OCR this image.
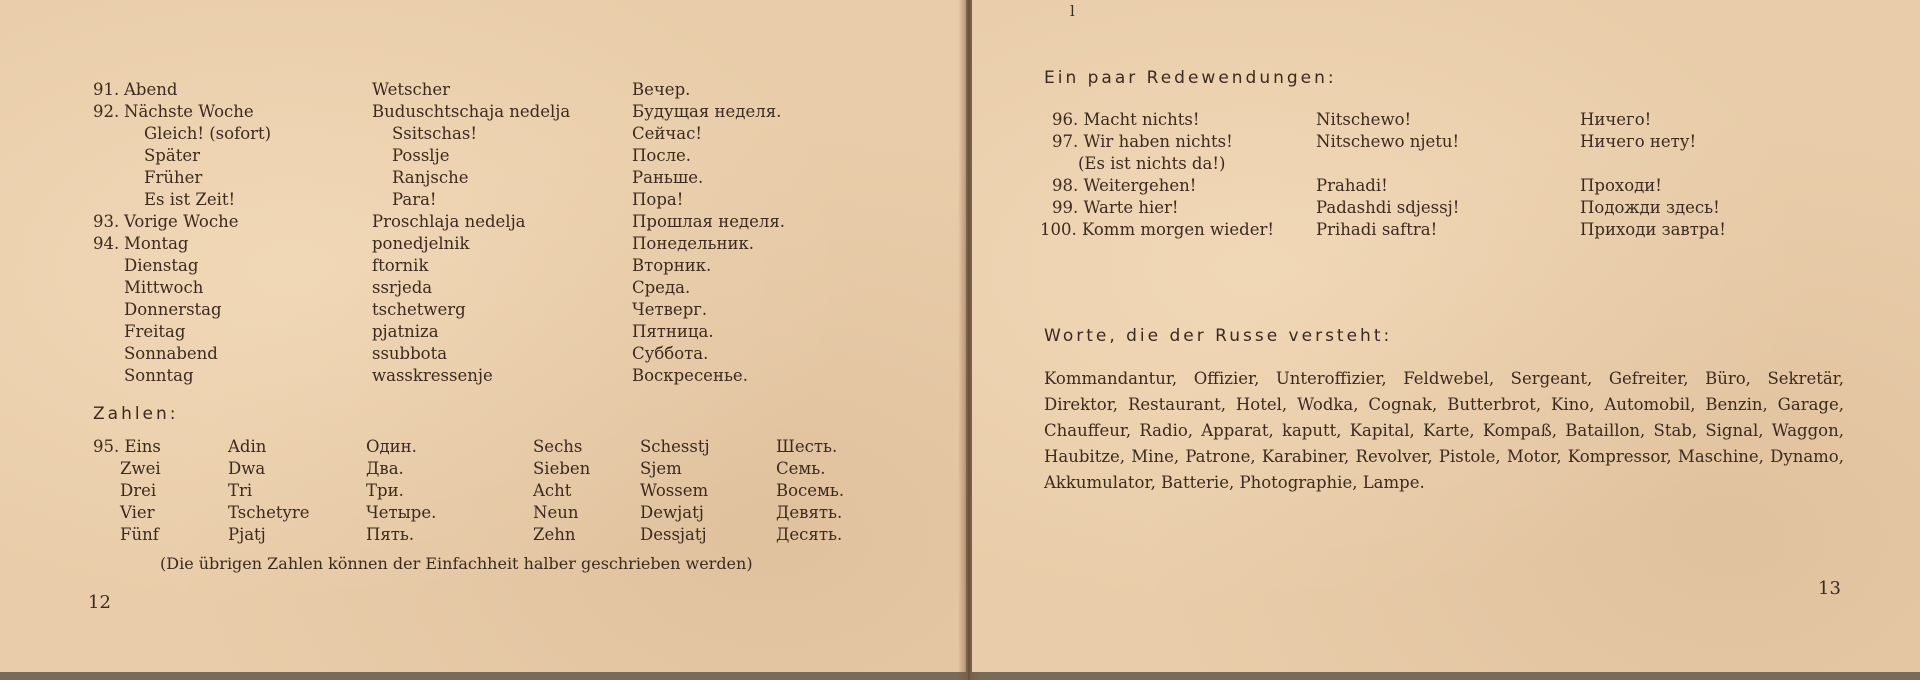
91. Abend	Wetscher	Вечер.
92. Nächste Woche	Buduschtschaja nedelja	Будущая неделя.
Gleich! (sofort)	Ssitschas!	Сейчас!
Später	Posslje	После.
Früher	Ranjsche	Раньше.
Es ist Zeit!	Para!	Пора!
93. Vorige Woche	Proschlaja nedelja	Прошлая неделя.
94. Montag	ponedjelnik	Понедельник.
Dienstag	ftornik	Вторник.
Mittwoch	ssrjeda	Среда.
Donnerstag	tschetwerg	Четверг.
Freitag	pjatniza	Пятница.
Sonnabend	ssubbota	Суббота.
Sonntag	wasskressenje	Воскресенье.
Zahlen:
95. Eins	Adin	Один.	Sechs	Schesstj	Шесть.
Zwei	Dwa	Два.	Sieben	Sjem	Семь.
Drei	Tri	Три.	Acht	Wossem	Восемь.
Vier	Tschetyre	Четыре.	Neun	Dewjatj	Девять.
Fünf	Pjatj	Пять.	Zehn	Dessjatj	Десять.
(Die übrigen Zahlen können der Einfachheit halber geschrieben werden)
12
l
Ein paar Redewendungen:
96. Macht nichts!	Nitschewo!	Ничего!
97. Wir haben nichts!	Nitschewo njetu!	Ничего нету!
(Es ist nichts da!)
98. Weitergehen!	Prahadi!	Проходи!
99. Warte hier!	Padashdi sdjessj!	Подожди здесь!
100. Komm morgen wieder!	Prihadi saftra!	Приходи завтра!
Worte, die der Russe versteht:
Kommandantur, Offizier, Unteroffizier, Feldwebel, Sergeant, Gefreiter, Büro, Sekretär, Direktor, Restaurant, Hotel, Wodka, Cognak, Butterbrot, Kino, Automobil, Benzin, Garage, Chauffeur, Radio, Apparat, kaputt, Kapital, Karte, Kompaß, Bataillon, Stab, Signal, Waggon, Haubitze, Mine, Patrone, Karabiner, Revolver, Pistole, Motor, Kompressor, Maschine, Dynamo, Akkumulator, Batterie, Photographie, Lampe.
13
